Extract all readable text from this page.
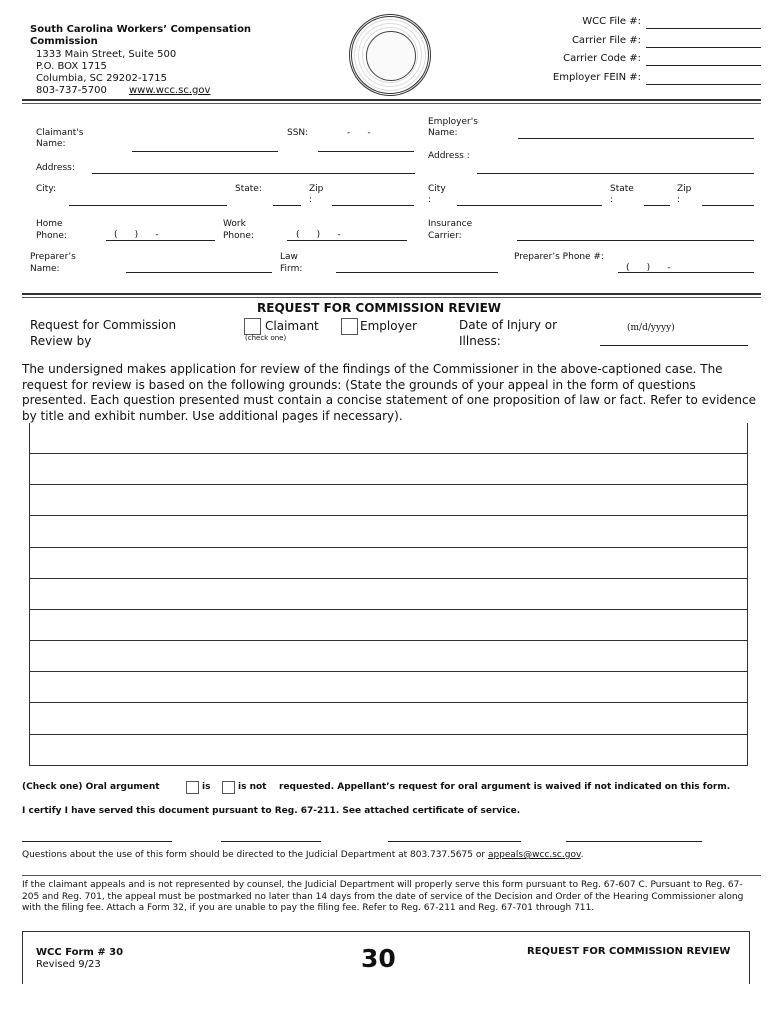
South Carolina Workers’ Compensation Commission
1333 Main Street, Suite 500
P.O. BOX 1715
Columbia, SC 29202-1715
803-737-5700 www.wcc.sc.gov
WCC File #:
Carrier File #:
Carrier Code #:
Employer FEIN #:
Claimant's Name:
SSN:	-      -
Address:
City:	State:	Zip :
Home Phone:	(      )      -
Work Phone:	(      )      -
Preparer’s Name:
Law Firm:
Employer's Name:
Address :
City :
State :
Zip :
Insurance Carrier:
Preparer’s Phone #:
(      )      -
REQUEST FOR COMMISSION REVIEW
Request for Commission Review by
Claimant
(check one)
Employer	Date of Injury or Illness:
(m/d/yyyy)
The undersigned makes application for review of the findings of the Commissioner in the above-captioned case. The request for review is based on the following grounds: (State the grounds of your appeal in the form of questions presented. Each question presented must contain a concise statement of one proposition of law or fact. Refer to evidence by title and exhibit number. Use additional pages if necessary).
(Check one) Oral argument	is	is not	requested. Appellant’s request for oral argument is waived if not indicated on this form.
I certify I have served this document pursuant to Reg. 67-211. See attached certificate of service.
Questions about the use of this form should be directed to the Judicial Department at 803.737.5675 or appeals@wcc.sc.gov.
If the claimant appeals and is not represented by counsel, the Judicial Department will properly serve this form pursuant to Reg. 67-607 C. Pursuant to Reg. 67-205 and Reg. 701, the appeal must be postmarked no later than 14 days from the date of service of the Decision and Order of the Hearing Commissioner along with the filing fee. Attach a Form 32, if you are unable to pay the filing fee. Refer to Reg. 67-211 and Reg. 67-701 through 711.
WCC Form # 30
Revised 9/23	30	REQUEST FOR COMMISSION REVIEW
